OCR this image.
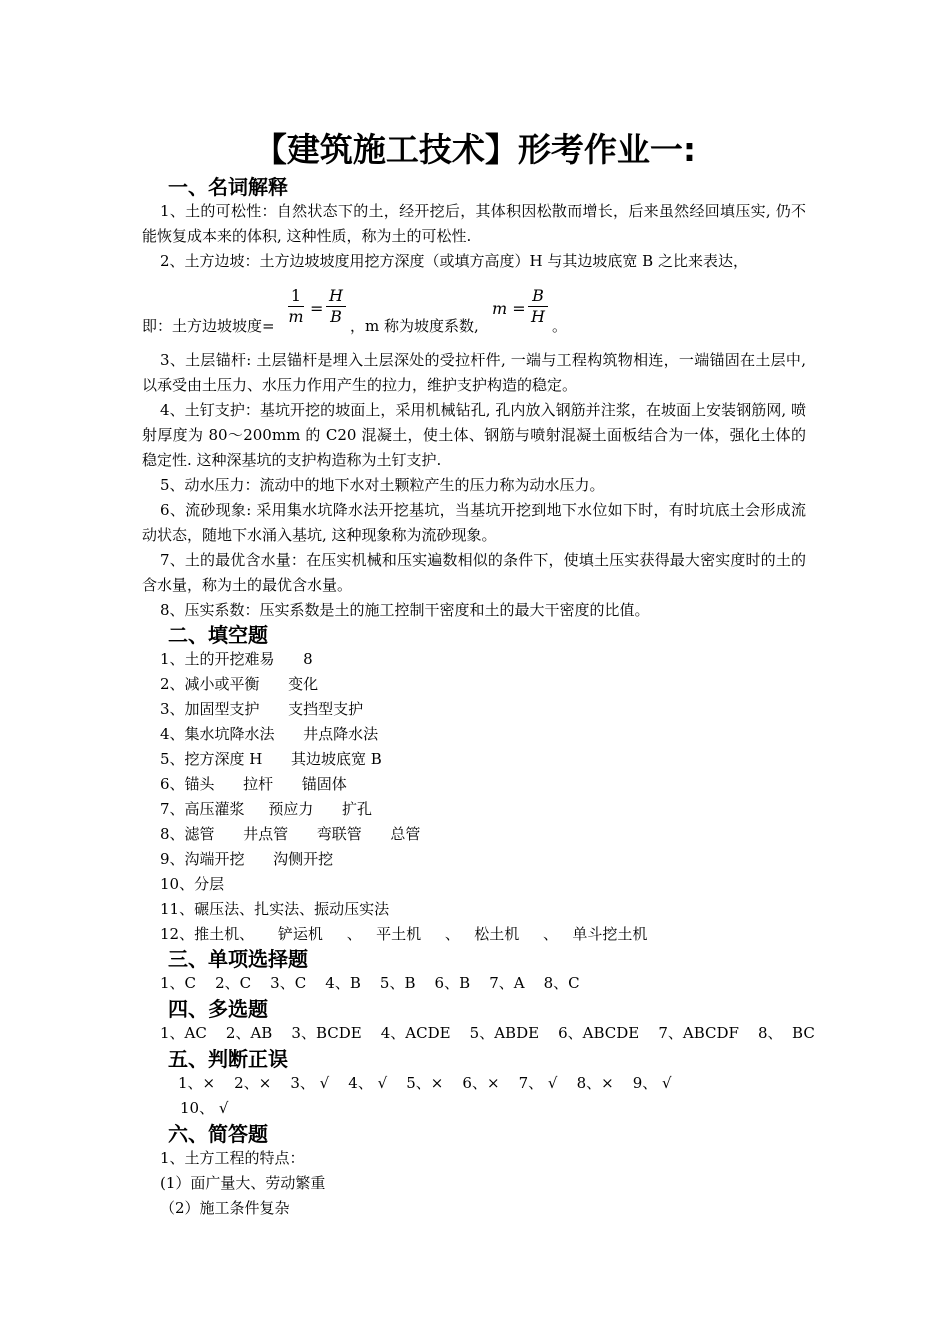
【建筑施工技术】形考作业一:
一、名词解释
1、土的可松性：自然状态下的土，经开挖后，其体积因松散而增长，后来虽然经回填压实, 仍不能恢复成本来的体积, 这种性质，称为土的可松性.
2、土方边坡：土方边坡坡度用挖方深度（或填方高度）H 与其边坡底宽 B 之比来表达，
即：土方边坡坡度=
1
m =
H
B ，m 称为坡度系数,
m =
B
H 。
3、土层锚杆: 土层锚杆是埋入土层深处的受拉杆件, 一端与工程构筑物相连，一端锚固在土层中, 以承受由土压力、水压力作用产生的拉力，维护支护构造的稳定。
4、土钉支护：基坑开挖的坡面上，采用机械钻孔, 孔内放入钢筋并注浆，在坡面上安装钢筋网, 喷射厚度为 80～200mm 的 C20 混凝土，使土体、钢筋与喷射混凝土面板结合为一体，强化土体的稳定性. 这种深基坑的支护构造称为土钉支护.
5、动水压力：流动中的地下水对土颗粒产生的压力称为动水压力。
6、流砂现象: 采用集水坑降水法开挖基坑，当基坑开挖到地下水位如下时，有时坑底土会形成流动状态，随地下水涌入基坑, 这种现象称为流砂现象。
7、土的最优含水量：在压实机械和压实遍数相似的条件下，使填土压实获得最大密实度时的土的含水量，称为土的最优含水量。
8、压实系数：压实系数是土的施工控制干密度和土的最大干密度的比值。
二、填空题
1、土的开挖难易      8
2、减小或平衡      变化
3、加固型支护      支挡型支护
4、集水坑降水法      井点降水法
5、挖方深度 H      其边坡底宽 B
6、锚头      拉杆      锚固体
7、高压灌浆     预应力      扩孔
8、滤管      井点管      弯联管      总管
9、沟端开挖      沟侧开挖
10、分层
11、碾压法、扎实法、振动压实法
12、推土机、     铲运机     、   平土机     、   松土机     、   单斗挖土机
三、单项选择题
1、C    2、C    3、C    4、B    5、B    6、B    7、A    8、C
四、多选题
1、AC    2、AB    3、BCDE    4、ACDE    5、ABDE    6、ABCDE    7、ABCDF    8、  BC
五、判断正误
1、×    2、×    3、 √    4、 √    5、×    6、×    7、 √    8、×    9、 √
10、 √
六、简答题
1、土方工程的特点：
(1）面广量大、劳动繁重
（2）施工条件复杂
